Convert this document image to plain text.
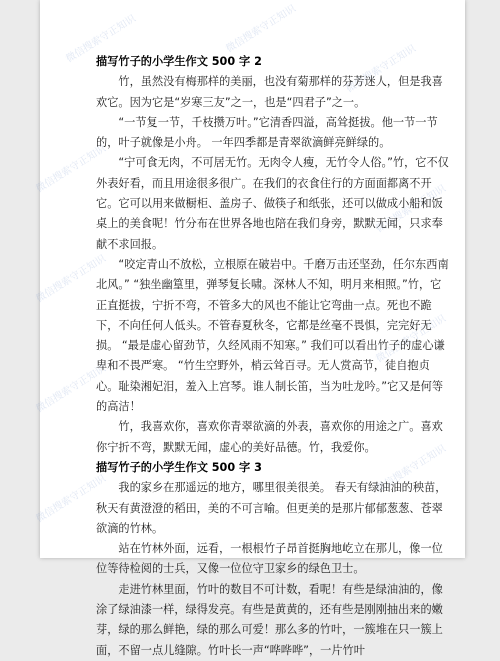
微信搜索守正知识	微信搜索守正知识
微信搜索守正知识
微信搜索守正知识
微信搜索守正知识
微信搜索守正知识
微信搜索守正知识
微信搜索守正知识
微信搜索守正知识
微信搜索守正知识

描写竹子的小学生作文 500 字 2

竹，虽然没有梅那样的美丽，也没有菊那样的芬芳迷人，但是我喜欢它。因为它是“岁寒三友”之一，也是“四君子”之一。

“一节复一节，千枝攒万叶。”它清香四溢，高耸挺拔。他一节一节的，叶子就像是小舟。 一年四季都是青翠欲滴鲜亮鲜绿的。

“宁可食无肉，不可居无竹。无肉令人瘦，无竹令人俗。”竹，它不仅外表好看，而且用途很多很广。在我们的衣食住行的方面面都离不开它。它可以用来做橱柜、盖房子、做筷子和纸张，还可以做成小船和饭桌上的美食呢！竹分布在世界各地也陪在我们身旁，默默无闻，只求奉献不求回报。

“咬定青山不放松，立根原在破岩中。千磨万击还坚劲，任尔东西南北风。” “独坐幽篁里，弹琴复长啸。深林人不知，明月来相照。”竹，它正直挺拔，宁折不弯，不管多大的风也不能让它弯曲一点。死也不跪下，不向任何人低头。不管春夏秋冬，它都是丝毫不畏惧，完完好无损。 “最是虚心留劲节，久经风雨不知寒。” 我们可以看出竹子的虚心谦卑和不畏严寒。 “竹生空野外，梢云耸百寻。无人赏高节，徒自抱贞心。耻染湘妃泪，羞入上宫琴。谁人制长笛，当为吐龙吟。”它又是何等的高洁！

竹，我喜欢你，喜欢你青翠欲滴的外表，喜欢你的用途之广。喜欢你宁折不弯，默默无闻，虚心的美好品德。竹，我爱你。

描写竹子的小学生作文 500 字 3

我的家乡在那遥远的地方，哪里很美很美。 春天有绿油油的秧苗，秋天有黄澄澄的稻田，美的不可言喻。但更美的是那片郁郁葱葱、苍翠欲滴的竹林。

站在竹林外面，远看，一根根竹子昂首挺胸地屹立在那儿，像一位位等待检阅的士兵，又像一位位守卫家乡的绿色卫士。

走进竹林里面，竹叶的数目不可计数，看呢！有些是绿油油的，像涂了绿油漆一样，绿得发亮。有些是黄黄的，还有些是刚刚抽出来的嫩芽，绿的那么鲜艳，绿的那么可爱！那么多的竹叶，一簇堆在只一簇上面，不留一点儿缝隙。竹叶长一声“哗哗哗”，一片竹叶
